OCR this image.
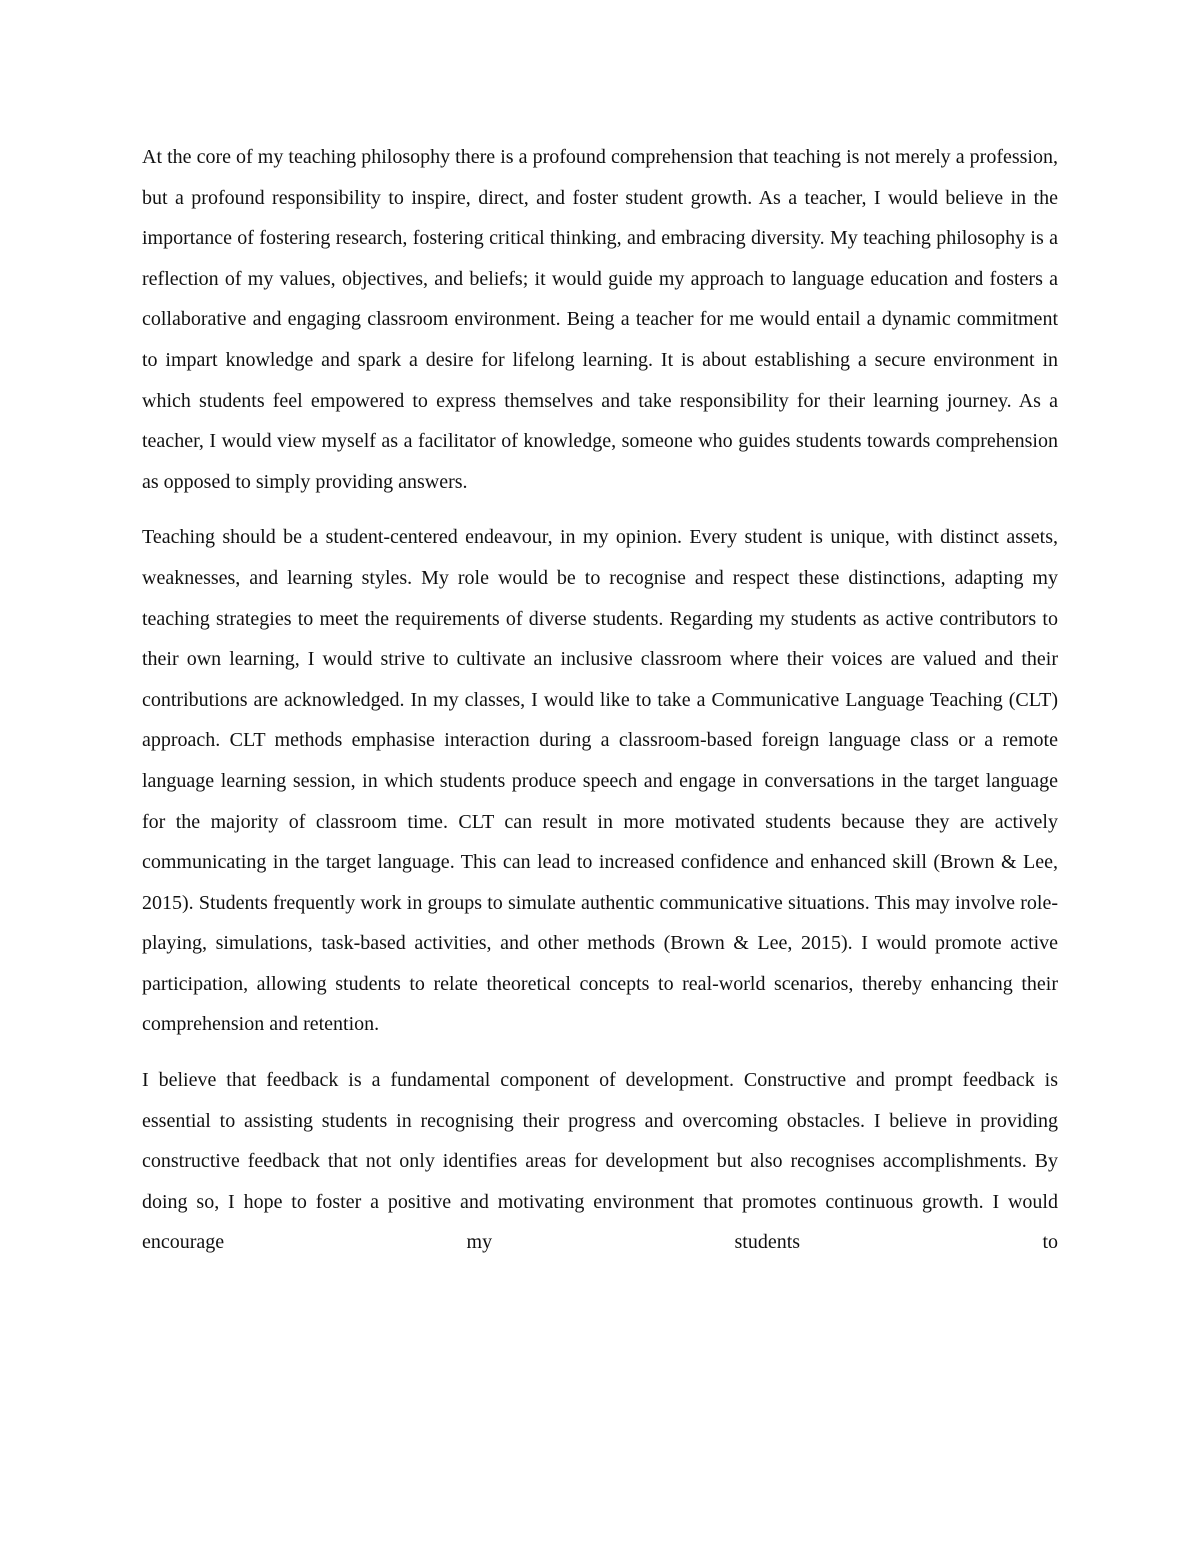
At the core of my teaching philosophy there is a profound comprehension that teaching is not merely a profession, but a profound responsibility to inspire, direct, and foster student growth. As a teacher, I would believe in the importance of fostering research, fostering critical thinking, and embracing diversity. My teaching philosophy is a reflection of my values, objectives, and beliefs; it would guide my approach to language education and fosters a collaborative and engaging classroom environment. Being a teacher for me would entail a dynamic commitment to impart knowledge and spark a desire for lifelong learning. It is about establishing a secure environment in which students feel empowered to express themselves and take responsibility for their learning journey. As a teacher, I would view myself as a facilitator of knowledge, someone who guides students towards comprehension as opposed to simply providing answers.

Teaching should be a student-centered endeavour, in my opinion. Every student is unique, with distinct assets, weaknesses, and learning styles. My role would be to recognise and respect these distinctions, adapting my teaching strategies to meet the requirements of diverse students. Regarding my students as active contributors to their own learning, I would strive to cultivate an inclusive classroom where their voices are valued and their contributions are acknowledged. In my classes, I would like to take a Communicative Language Teaching (CLT) approach. CLT methods emphasise interaction during a classroom-based foreign language class or a remote language learning session, in which students produce speech and engage in conversations in the target language for the majority of classroom time. CLT can result in more motivated students because they are actively communicating in the target language. This can lead to increased confidence and enhanced skill (Brown & Lee, 2015). Students frequently work in groups to simulate authentic communicative situations. This may involve role-playing, simulations, task-based activities, and other methods (Brown & Lee, 2015). I would promote active participation, allowing students to relate theoretical concepts to real-world scenarios, thereby enhancing their comprehension and retention.

I believe that feedback is a fundamental component of development. Constructive and prompt feedback is essential to assisting students in recognising their progress and overcoming obstacles. I believe in providing constructive feedback that not only identifies areas for development but also recognises accomplishments. By doing so, I hope to foster a positive and motivating environment that promotes continuous growth. I would encourage my students to
